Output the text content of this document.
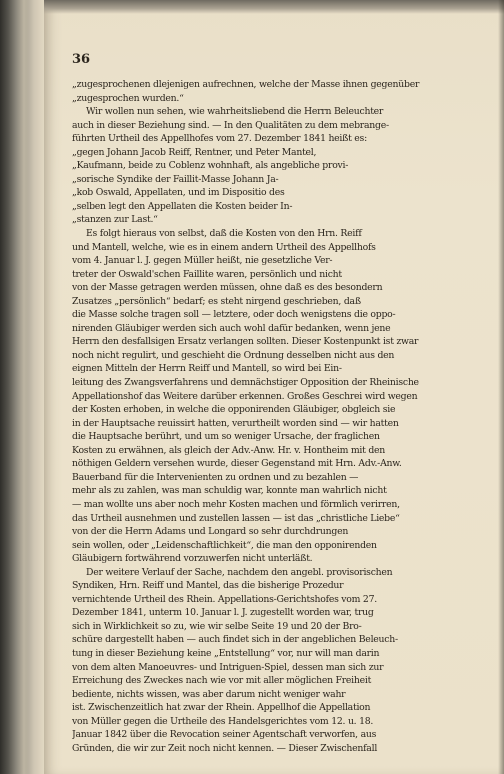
36
„zugesprochenen dlejenigen aufrechnen, welche der Masse ihnen gegenüber
„zugesprochen wurden.“
Wir wollen nun sehen, wie wahrheitsliebend die Herrn Beleuchter
auch in dieser Beziehung sind. — In den Qualitäten zu dem mebrange-
führten Urtheil des Appellhofes vom 27. Dezember 1841 heißt es:
„gegen Johann Jacob Reiff, Rentner, und Peter Mantel,
„Kaufmann, beide zu Coblenz wohnhaft, als angebliche provi-
„sorische Syndike der Faillit-Masse Johann Ja-
„kob Oswald, Appellaten, und im Dispositio des
„selben legt den Appellaten die Kosten beider In-
„stanzen zur Last.“
Es folgt hieraus von selbst, daß die Kosten von den Hrn. Reiff
und Mantell, welche, wie es in einem andern Urtheil des Appellhofs
vom 4. Januar l. J. gegen Müller heißt, nie gesetzliche Ver-
treter der Oswald'schen Faillite waren, persönlich und nicht
von der Masse getragen werden müssen, ohne daß es des besondern
Zusatzes „persönlich“ bedarf; es steht nirgend geschrieben, daß
die Masse solche tragen soll — letztere, oder doch wenigstens die oppo-
nirenden Gläubiger werden sich auch wohl dafür bedanken, wenn jene
Herrn den desfallsigen Ersatz verlangen sollten. Dieser Kostenpunkt ist zwar
noch nicht regulirt, und geschieht die Ordnung desselben nicht aus den
eignen Mitteln der Herrn Reiff und Mantell, so wird bei Ein-
leitung des Zwangsverfahrens und demnächstiger Opposition der Rheinische
Appellationshof das Weitere darüber erkennen. Großes Geschrei wird wegen
der Kosten erhoben, in welche die opponirenden Gläubiger, obgleich sie
in der Hauptsache reuissirt hatten, verurtheilt worden sind — wir hatten
die Hauptsache berührt, und um so weniger Ursache, der fraglichen
Kosten zu erwähnen, als gleich der Adv.-Anw. Hr. v. Hontheim mit den
nöthigen Geldern versehen wurde, dieser Gegenstand mit Hrn. Adv.-Anw.
Bauerband für die Intervenienten zu ordnen und zu bezahlen —
mehr als zu zahlen, was man schuldig war, konnte man wahrlich nicht
— man wollte uns aber noch mehr Kosten machen und förmlich verirren,
das Urtheil ausnehmen und zustellen lassen — ist das „christliche Liebe“
von der die Herrn Adams und Longard so sehr durchdrungen
sein wollen, oder „Leidenschaftlichkeit“, die man den opponirenden
Gläubigern fortwährend vorzuwerfen nicht unterläßt.
Der weitere Verlauf der Sache, nachdem den angebl. provisorischen
Syndiken, Hrn. Reiff und Mantel, das die bisherige Prozedur
vernichtende Urtheil des Rhein. Appellations-Gerichtshofes vom 27.
Dezember 1841, unterm 10. Januar l. J. zugestellt worden war, trug
sich in Wirklichkeit so zu, wie wir selbe Seite 19 und 20 der Bro-
schüre dargestellt haben — auch findet sich in der angeblichen Beleuch-
tung in dieser Beziehung keine „Entstellung“ vor, nur will man darin
von dem alten Manoeuvres- und Intriguen-Spiel, dessen man sich zur
Erreichung des Zweckes nach wie vor mit aller möglichen Freiheit
bediente, nichts wissen, was aber darum nicht weniger wahr
ist. Zwischenzeitlich hat zwar der Rhein. Appellhof die Appellation
von Müller gegen die Urtheile des Handelsgerichtes vom 12. u. 18.
Januar 1842 über die Revocation seiner Agentschaft verworfen, aus
Gründen, die wir zur Zeit noch nicht kennen. — Dieser Zwischenfall
